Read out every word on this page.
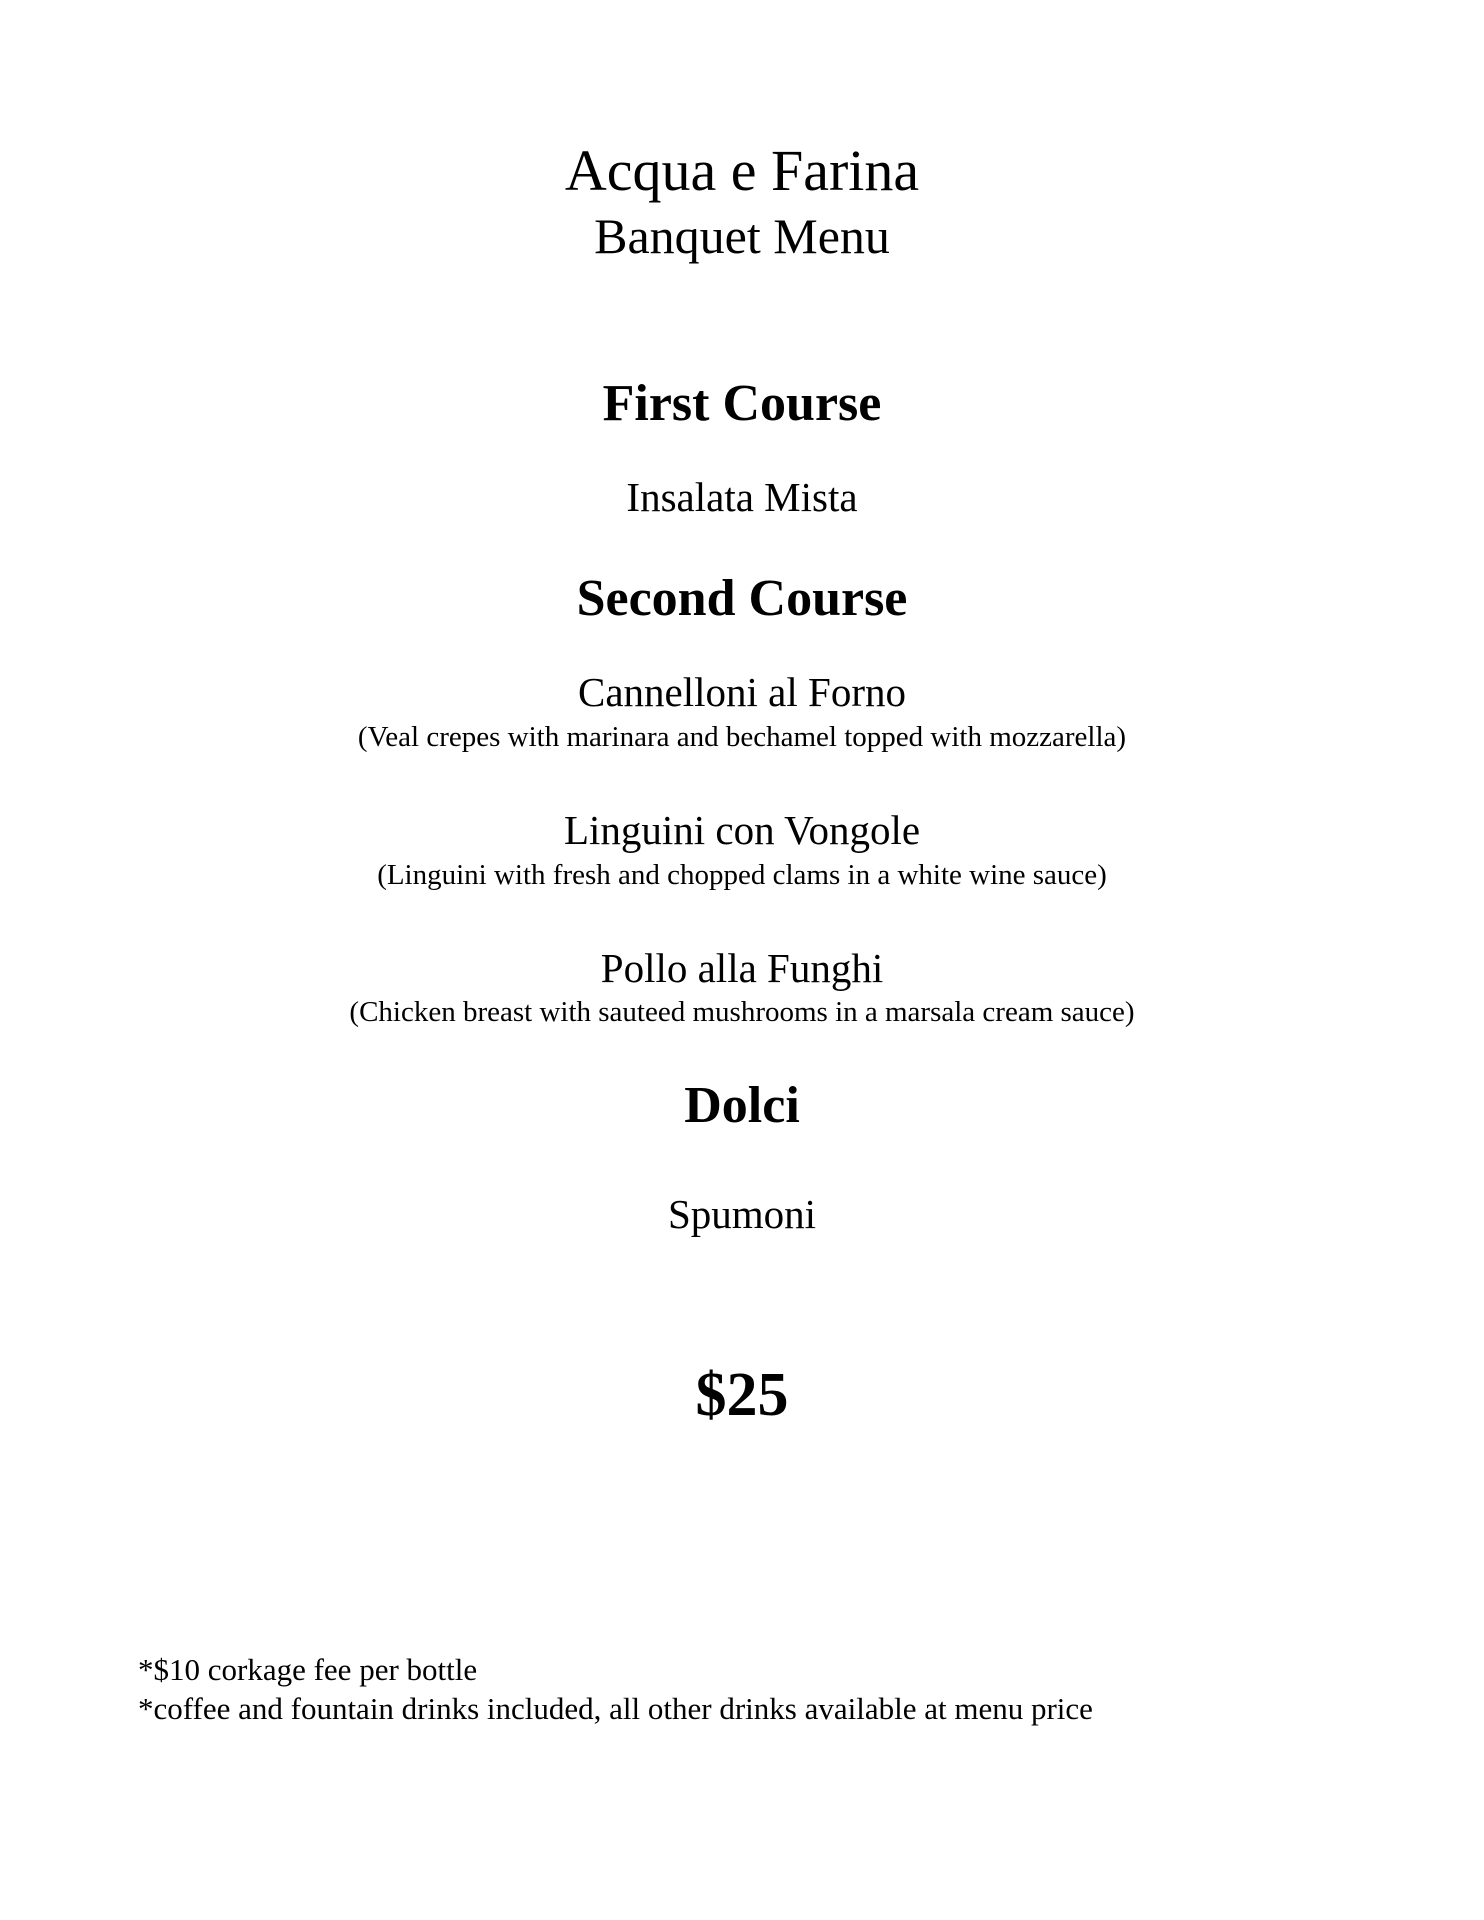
Acqua e Farina
Banquet Menu
First Course
Insalata Mista
Second Course
Cannelloni al Forno
(Veal crepes with marinara and bechamel topped with mozzarella)
Linguini con Vongole
(Linguini with fresh and chopped clams in a white wine sauce)
Pollo alla Funghi
(Chicken breast with sauteed mushrooms in a marsala cream sauce)
Dolci
Spumoni
$25
*$10 corkage fee per bottle
*coffee and fountain drinks included, all other drinks available at menu price
